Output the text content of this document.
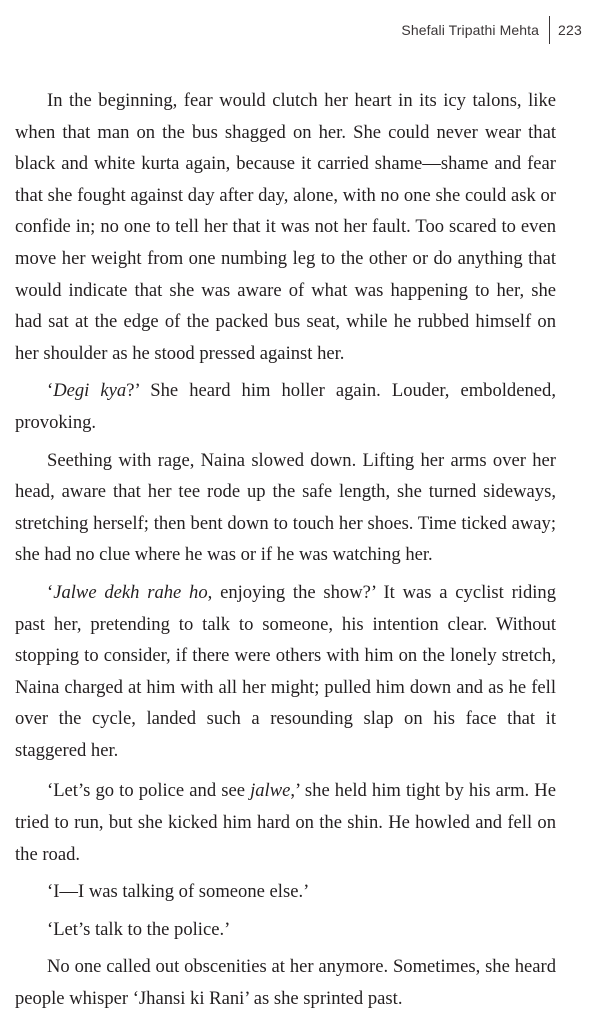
Shefali Tripathi Mehta	223

In the beginning, fear would clutch her heart in its icy talons, like when that man on the bus shagged on her. She could never wear that black and white kurta again, because it carried shame—shame and fear that she fought against day after day, alone, with no one she could ask or confide in; no one to tell her that it was not her fault. Too scared to even move her weight from one numbing leg to the other or do anything that would indicate that she was aware of what was happening to her, she had sat at the edge of the packed bus seat, while he rubbed himself on her shoulder as he stood pressed against her.

‘Degi kya?’ She heard him holler again. Louder, emboldened, provoking.

Seething with rage, Naina slowed down. Lifting her arms over her head, aware that her tee rode up the safe length, she turned sideways, stretching herself; then bent down to touch her shoes. Time ticked away; she had no clue where he was or if he was watching her.

‘Jalwe dekh rahe ho, enjoying the show?’ It was a cyclist riding past her, pretending to talk to someone, his intention clear. Without stopping to consider, if there were others with him on the lonely stretch, Naina charged at him with all her might; pulled him down and as he fell over the cycle, landed such a resounding slap on his face that it staggered her.

‘Let’s go to police and see jalwe,’ she held him tight by his arm. He tried to run, but she kicked him hard on the shin. He howled and fell on the road.

‘I—I was talking of someone else.’

‘Let’s talk to the police.’

No one called out obscenities at her anymore. Sometimes, she heard people whisper ‘Jhansi ki Rani’ as she sprinted past.
